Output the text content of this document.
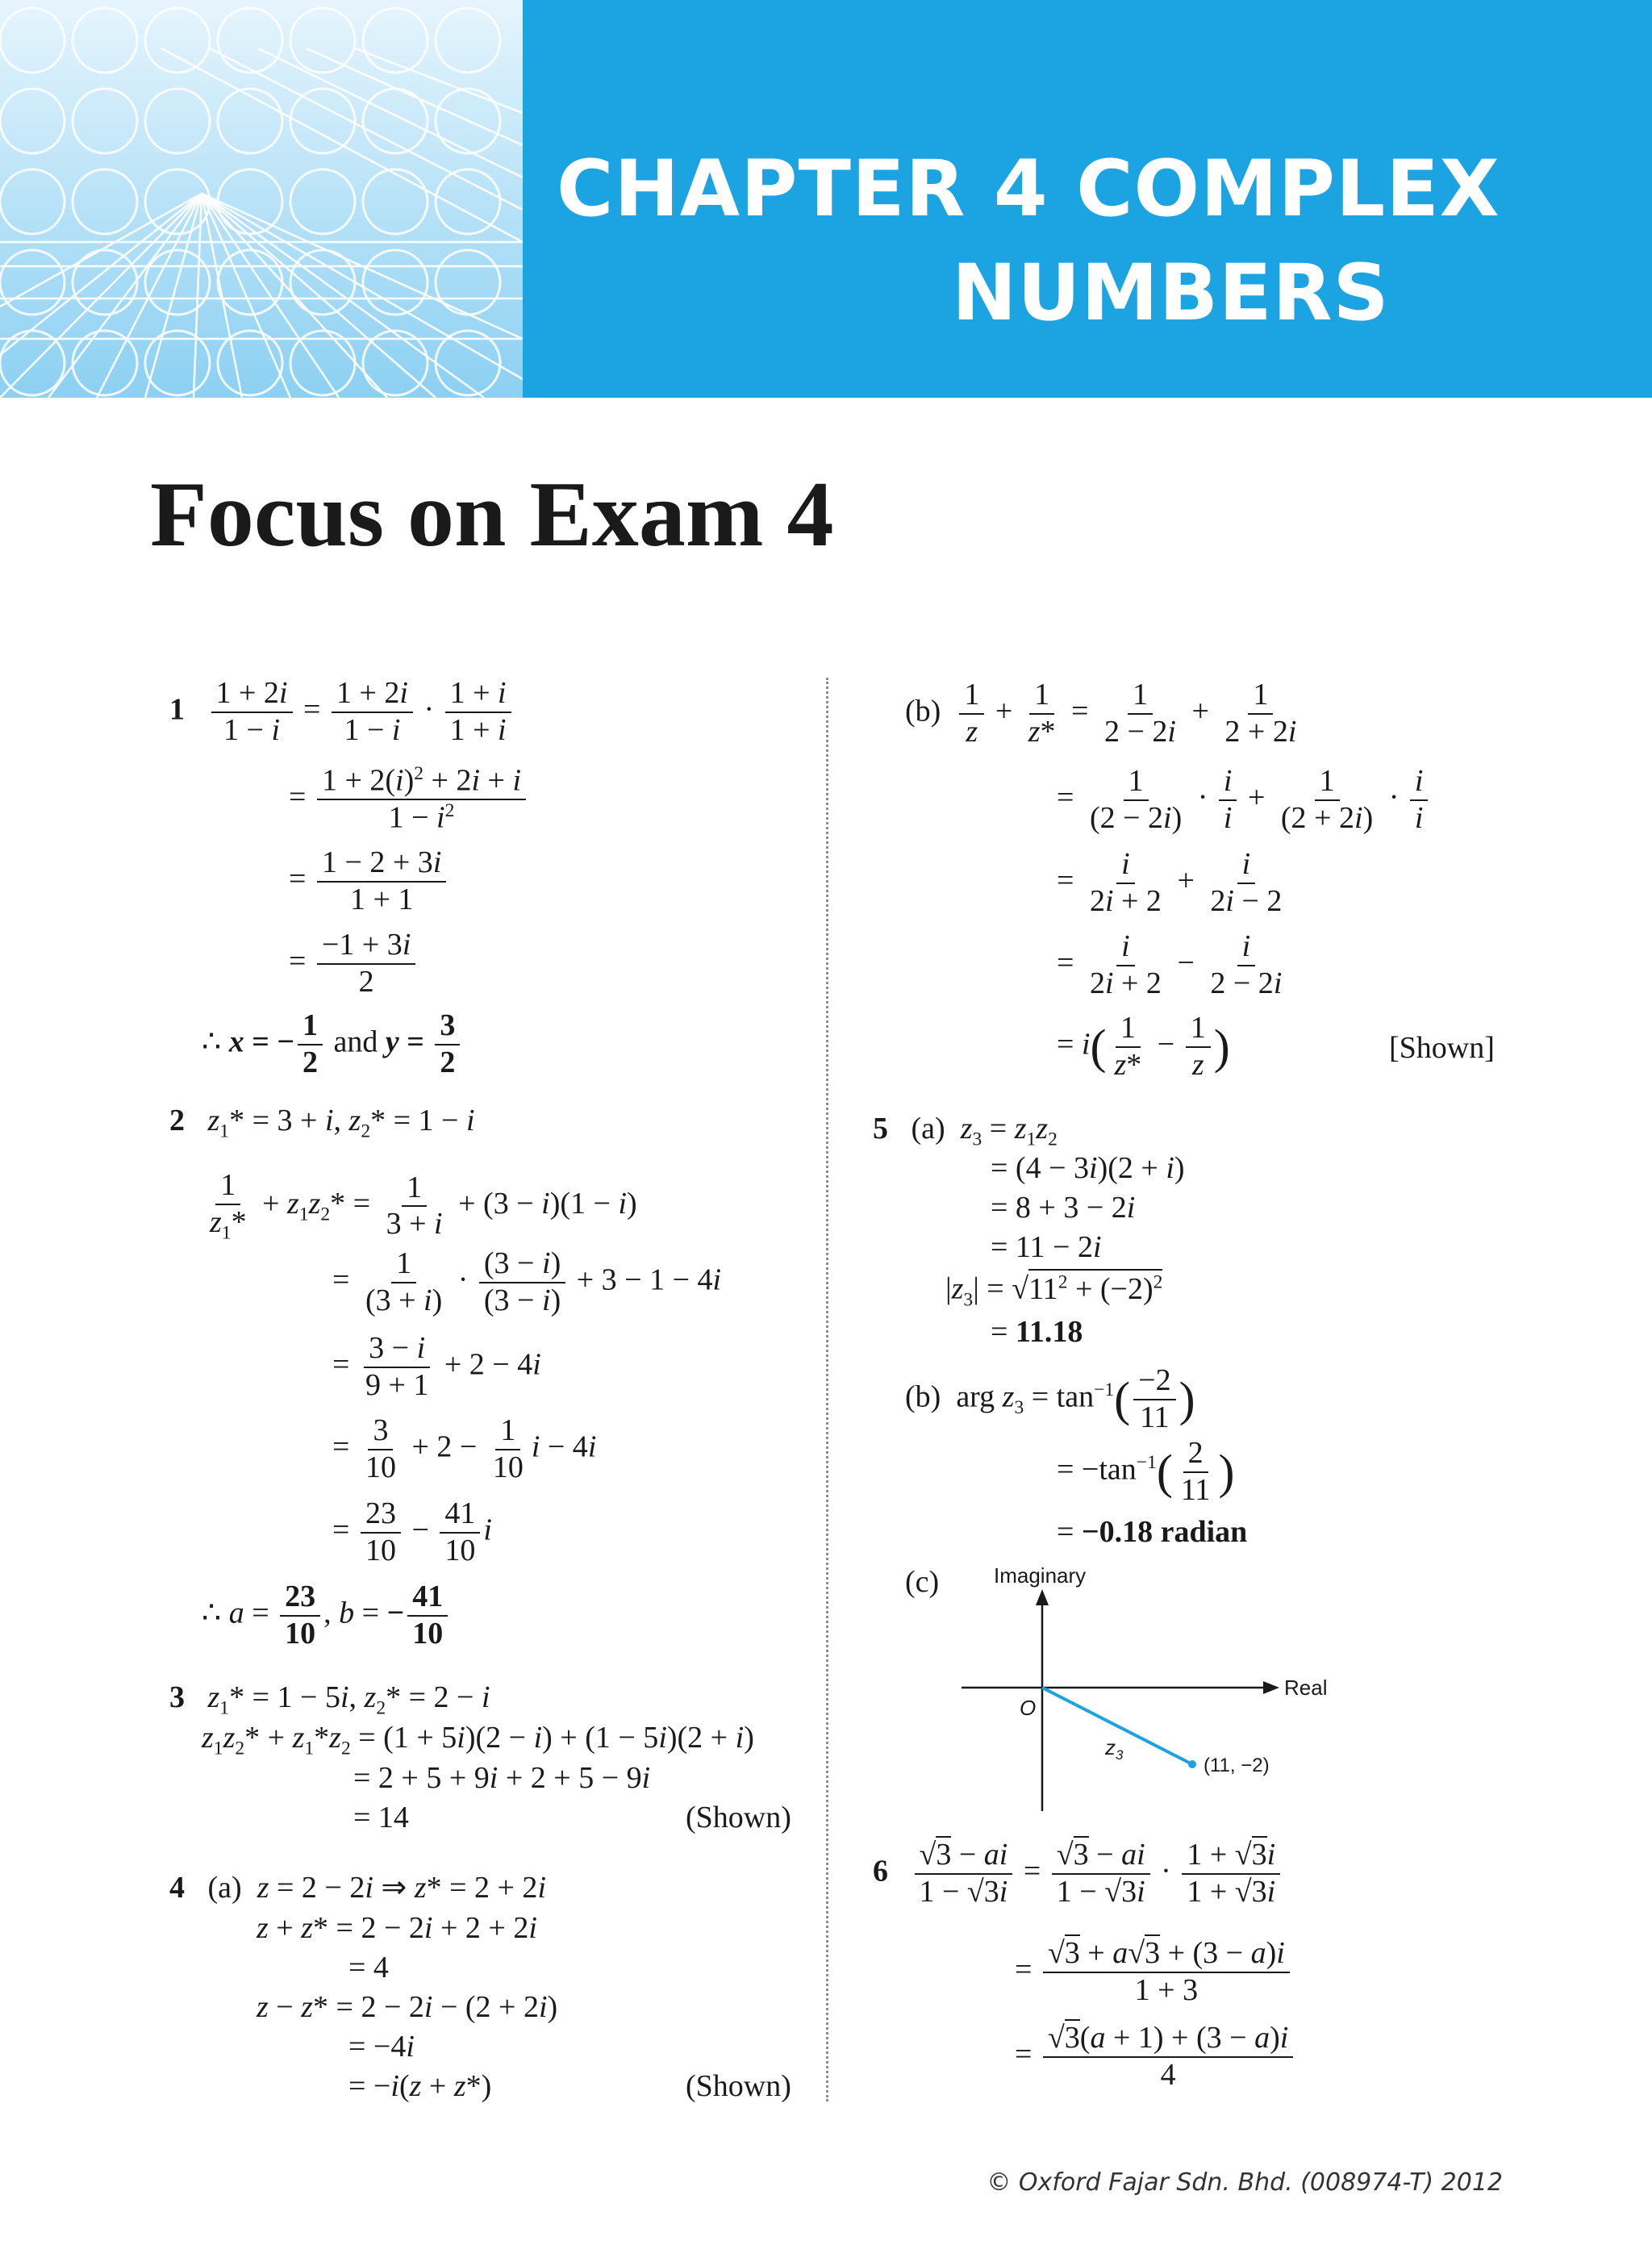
CHAPTER 4 COMPLEX
NUMBERS
Focus on Exam 4
$1 \frac{1 + 2i}{1 - i} = \frac{1 + 2i}{1 - i} \cdot \frac{1 + i}{1 + i}$
= $\frac{1 + 2(i)^2 + 2i + i}{1 - i^2}$
= $\frac{1 - 2 + 3i}{1 + 1}$
= $\frac{-1 + 3i}{2}$
∴ x = − $\frac{1}{2}$ and $y = \frac{3}{2}$
2 $z_1* = 3 + i$, $z_2* = 1 - i$
$\frac{1}{z_1*} + z_1z_2* = \frac{1}{3 + i} + (3 - i)(1 - i)$
= $\frac{1}{(3 + i)} \cdot \frac{(3 - i)}{(3 - i)} + 3 - 1 - 4i$
= $\frac{3 - i}{9 + 1} + 2 - 4i$
= $\frac{3}{10} + 2 - \frac{1}{10}$ i − 4i
= $\frac{23}{10} - \frac{41}{10}$ i
∴ $a = \frac{23}{10}$ , b = − $\frac{41}{10}$
3 $z_1* = 1 - 5i$, $z_2* = 2 - i$
$z_1z_2* + z_1*z_2 = (1 + 5i)(2 - i) + (1 - 5i)(2 + i)$
= 2 + 5 + 9i + 2 + 5 − 9i
= 14	(Shown)
4 (a) z = 2 − 2i ⇒ z* = 2 + 2i
z + z* = 2 − 2i + 2 + 2i
= 4
z − z* = 2 − 2i − (2 + 2i)
= −4i
= −i(z + z*)	(Shown)
$(b) \frac{1}{z} + \frac{1}{z*} = \frac{1}{2 - 2i} + \frac{1}{2 + 2i}$
= $\frac{1}{(2 - 2i)} \cdot \frac{i}{i} + \frac{1}{(2 + 2i)} \cdot \frac{i}{i}$
= $\frac{i}{2i + 2} + \frac{i}{2i - 2}$
= $\frac{i}{2i + 2} - \frac{i}{2 - 2i}$
= $i( \frac{1}{z*} - \frac{1}{z}$ )	[Shown]
5 (a) $z_3 = z_1z_2$
= (4 − 3i)(2 + i)
= 8 + 3 − 2i
= 11 − 2i
$|z_3| = √11^2 + (-2)^2$
= 11.18
(b)  arg $z_3 = \tan^{-1}( \frac{-2}{11}$ )
= $-\tan^{-1}( \frac{2}{11}$ )
= −0.18 radian
(c)	Imaginary
Real
O
$z_3$	(11, −2)
$6 \frac{√3 - ai}{1 - √3i} = \frac{√3 - ai}{1 - √3i} \cdot \frac{1 + √3i}{1 + √3i}$
= $\frac{√3 + a√3 + (3 - a)i}{1 + 3}$
= $\frac{√3(a + 1) + (3 - a)i}{4}$

© Oxford Fajar Sdn. Bhd. (008974-T) 2012
